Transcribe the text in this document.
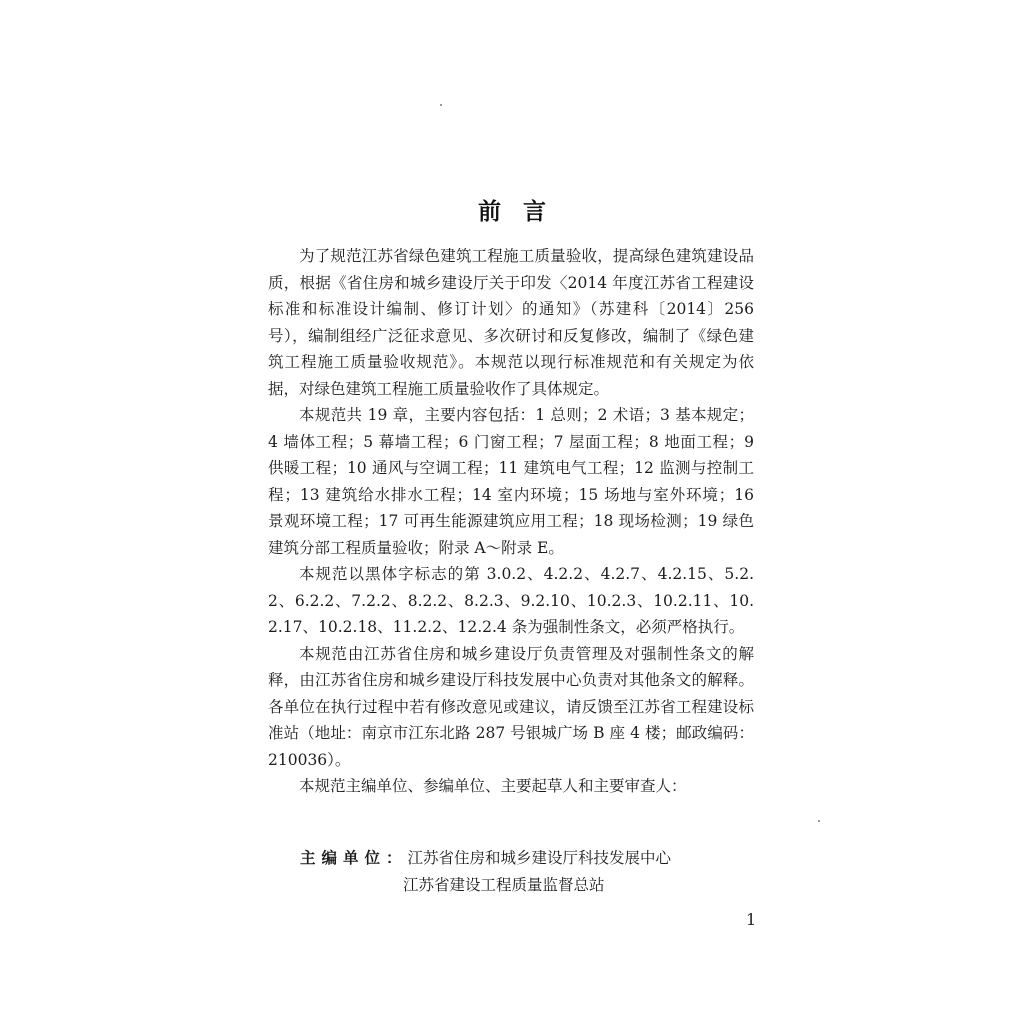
前言

为了规范江苏省绿色建筑工程施工质量验收，提高绿色建筑建设品质，根据《省住房和城乡建设厅关于印发〈2014 年度江苏省工程建设标准和标准设计编制、修订计划〉的通知》（苏建科〔2014〕256 号），编制组经广泛征求意见、多次研讨和反复修改，编制了《绿色建筑工程施工质量验收规范》。本规范以现行标准规范和有关规定为依据，对绿色建筑工程施工质量验收作了具体规定。

本规范共 19 章，主要内容包括：1 总则；2 术语；3 基本规定；4 墙体工程；5 幕墙工程；6 门窗工程；7 屋面工程；8 地面工程；9 供暖工程；10 通风与空调工程；11 建筑电气工程；12 监测与控制工程；13 建筑给水排水工程；14 室内环境；15 场地与室外环境；16 景观环境工程；17 可再生能源建筑应用工程；18 现场检测；19 绿色建筑分部工程质量验收；附录 A～附录 E。

本规范以黑体字标志的第 3.0.2、4.2.2、4.2.7、4.2.15、5.2.2、6.2.2、7.2.2、8.2.2、8.2.3、9.2.10、10.2.3、10.2.11、10.2.17、10.2.18、11.2.2、12.2.4 条为强制性条文，必须严格执行。

本规范由江苏省住房和城乡建设厅负责管理及对强制性条文的解释，由江苏省住房和城乡建设厅科技发展中心负责对其他条文的解释。各单位在执行过程中若有修改意见或建议，请反馈至江苏省工程建设标准站（地址：南京市江东北路 287 号银城广场 B 座 4 楼；邮政编码：210036）。

本规范主编单位、参编单位、主要起草人和主要审查人：

主编单位：江苏省住房和城乡建设厅科技发展中心
江苏省建设工程质量监督总站
1
